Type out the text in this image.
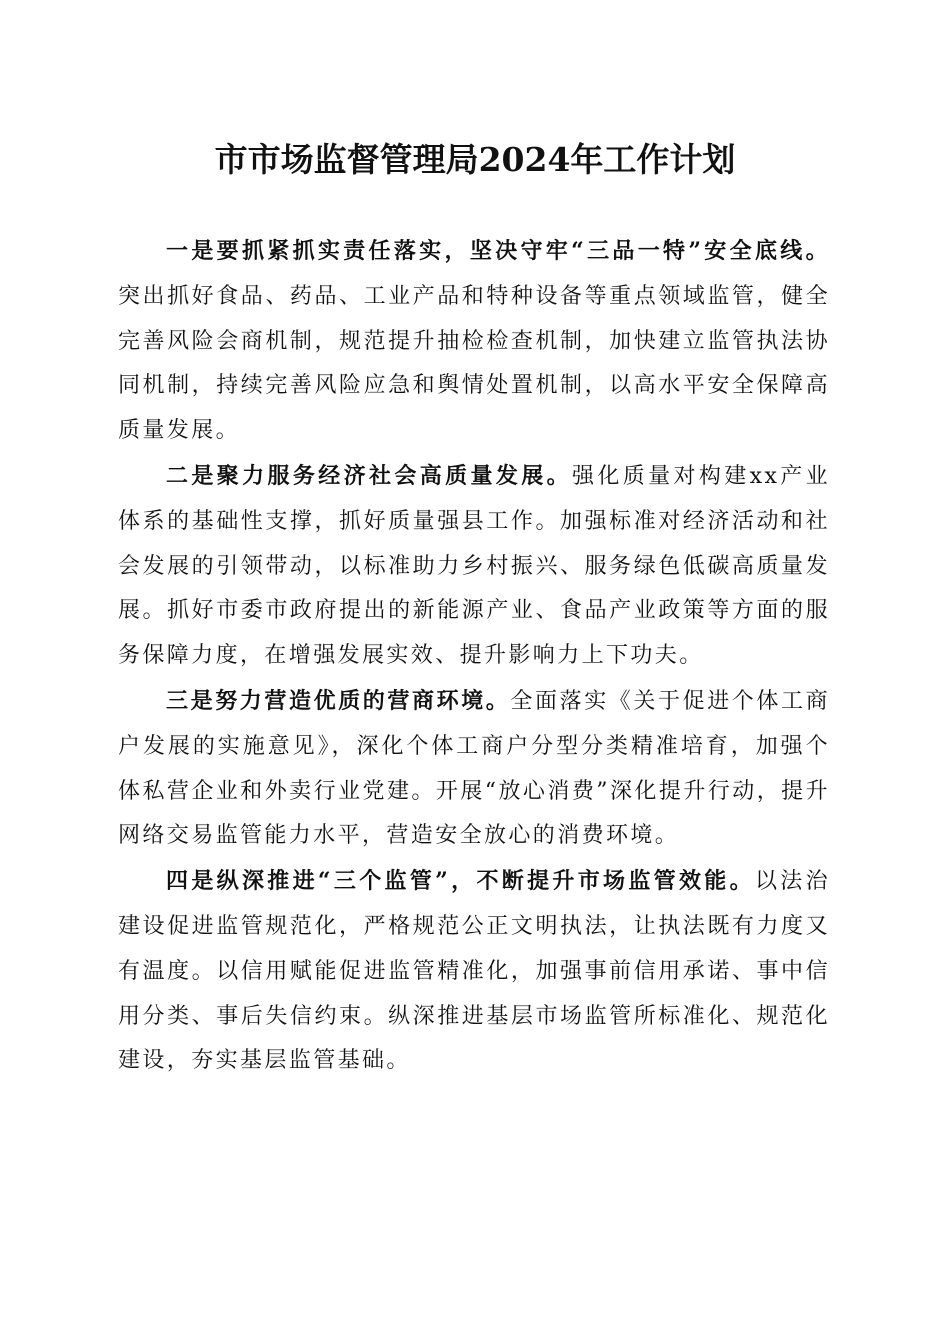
市市场监督管理局2024年工作计划

一是要抓紧抓实责任落实，坚决守牢“三品一特”安全底线。突出抓好食品、药品、工业产品和特种设备等重点领域监管，健全完善风险会商机制，规范提升抽检检查机制，加快建立监管执法协同机制，持续完善风险应急和舆情处置机制，以高水平安全保障高质量发展。

二是聚力服务经济社会高质量发展。强化质量对构建xx产业体系的基础性支撑，抓好质量强县工作。加强标准对经济活动和社会发展的引领带动，以标准助力乡村振兴、服务绿色低碳高质量发展。抓好市委市政府提出的新能源产业、食品产业政策等方面的服务保障力度，在增强发展实效、提升影响力上下功夫。

三是努力营造优质的营商环境。全面落实《关于促进个体工商户发展的实施意见》，深化个体工商户分型分类精准培育，加强个体私营企业和外卖行业党建。开展“放心消费”深化提升行动，提升网络交易监管能力水平，营造安全放心的消费环境。

四是纵深推进“三个监管”，不断提升市场监管效能。以法治建设促进监管规范化，严格规范公正文明执法，让执法既有力度又有温度。以信用赋能促进监管精准化，加强事前信用承诺、事中信用分类、事后失信约束。纵深推进基层市场监管所标准化、规范化建设，夯实基层监管基础。
